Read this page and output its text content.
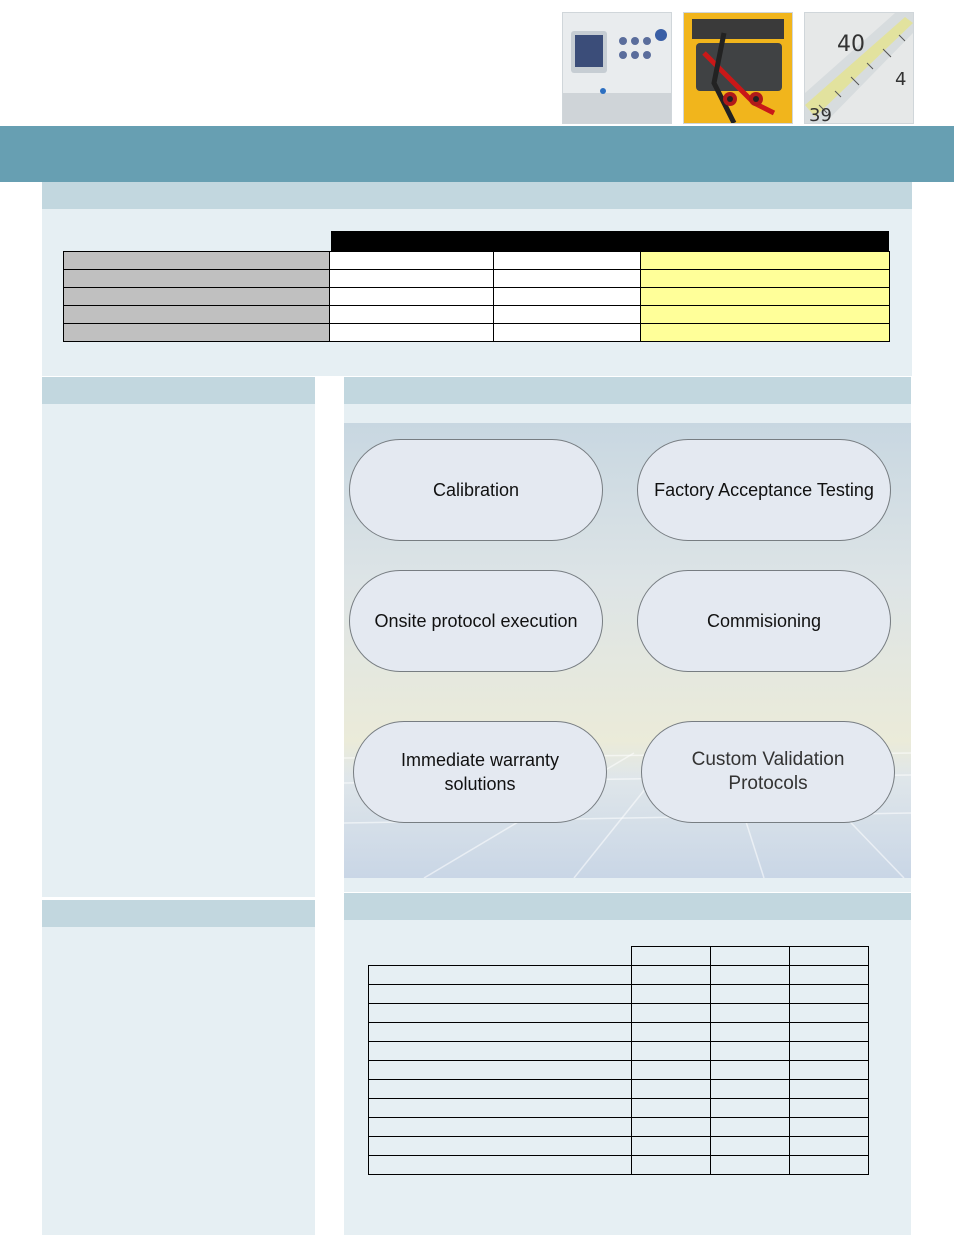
40
39
4

Calibration	Factory Acceptance Testing
Onsite protocol execution	Commisioning
Immediate warranty solutions
Custom Validation Protocols
